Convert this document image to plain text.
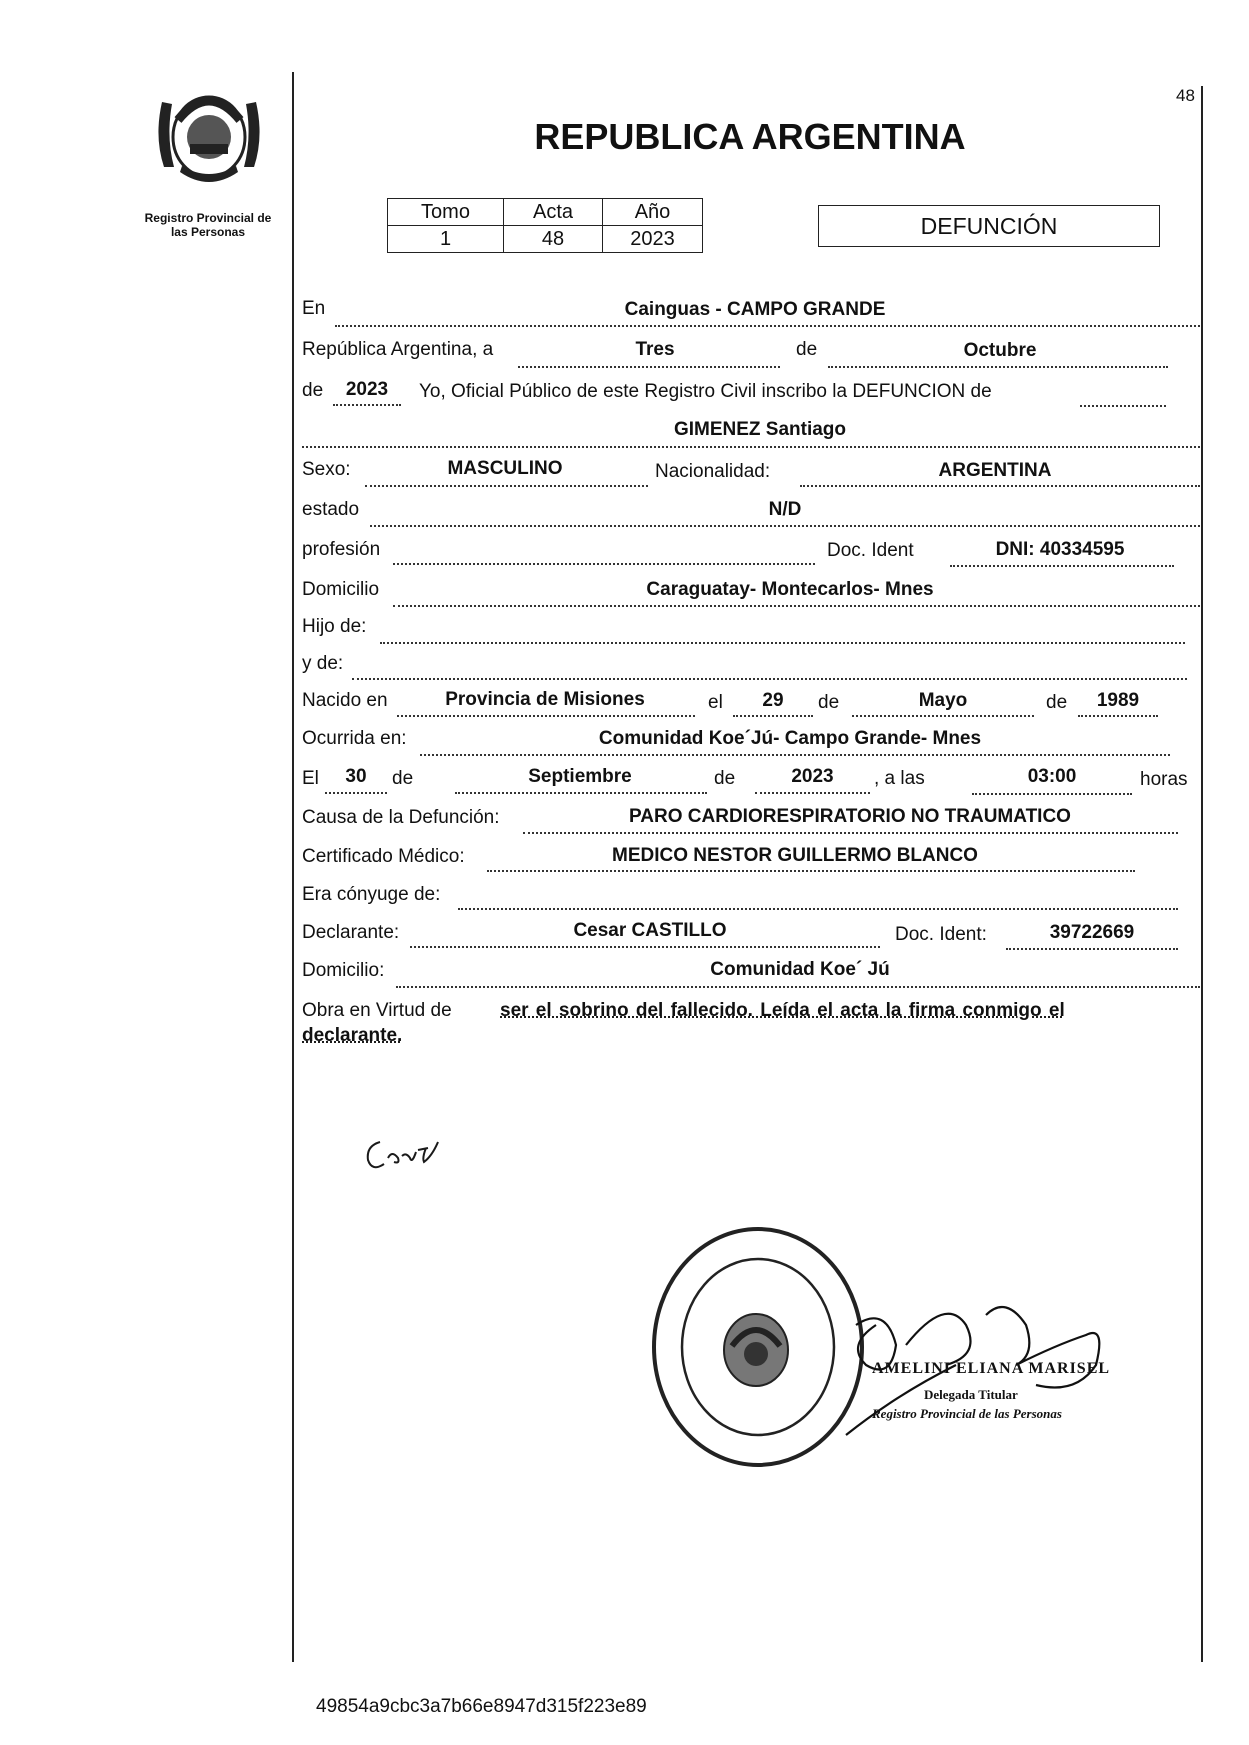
Registro Provincial de
las Personas
48
REPUBLICA ARGENTINA
Tomo	Acta	Año
1	48	2023	DEFUNCIÓN
En	Cainguas - CAMPO GRANDE
República Argentina, a	Tres	de	Octubre
de	2023	Yo, Oficial Público de este Registro Civil inscribo la DEFUNCION de
GIMENEZ Santiago
Sexo:	MASCULINO	Nacionalidad:	ARGENTINA
estado	N/D
profesión	Doc. Ident	DNI: 40334595
Domicilio	Caraguatay- Montecarlos- Mnes
Hijo de:
y de:
Nacido en	Provincia de Misiones	el	29	de	Mayo	de	1989
Ocurrida en:	Comunidad Koe´Jú- Campo Grande- Mnes
El	30	de	Septiembre	de	2023	, a las	03:00	horas
Causa de la Defunción:	PARO CARDIORESPIRATORIO NO TRAUMATICO
Certificado Médico:	MEDICO NESTOR GUILLERMO BLANCO
Era cónyuge de:
Declarante:	Cesar CASTILLO	Doc. Ident:	39722669
Domicilio:	Comunidad Koe´ Jú
Obra en Virtud de	ser el sobrino del fallecido. Leída el acta la firma conmigo el
declarante.
AMELINI ELIANA MARISEL
Delegada Titular
Registro Provincial de las Personas
49854a9cbc3a7b66e8947d315f223e89
